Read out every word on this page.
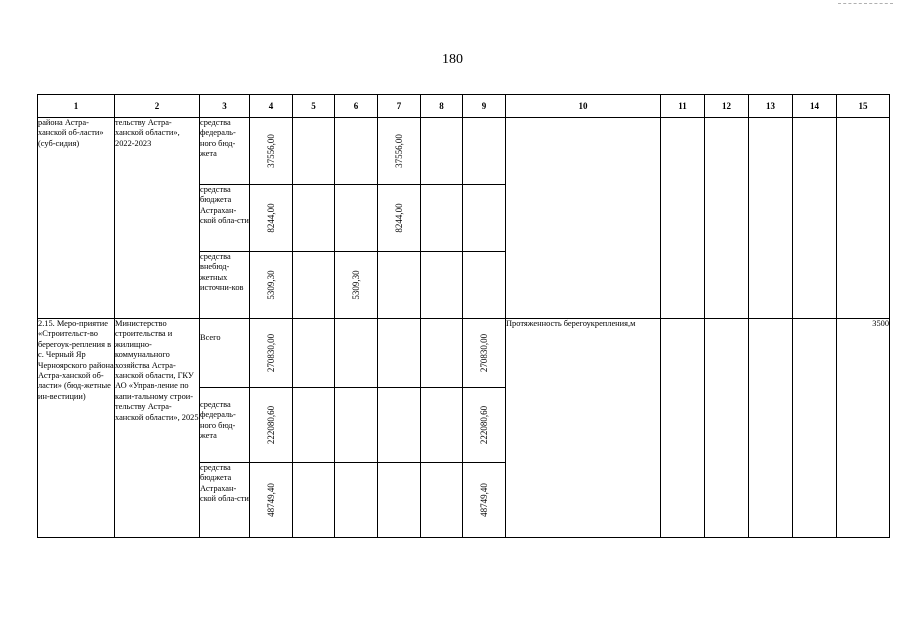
180
1	2	3	4	5	6	7	8	9	10	11	12	13	14	15
района Астра-ханской об-ласти» (суб-сидия)	тельству Астра-ханской области», 2022-2023	средства федераль-ного бюд-жета	37556,00			37556,00								

		средства бюджета Астрахан-ской обла-сти	8244,00			8244,00								

		средства внебюд-жетных источни-ков	5309,30		5309,30									

2.15. Меро-приятие «Строительст-во берегоук-репления в с. Черный Яр Черноярского района Астра-ханской об-ласти» (бюд-жетные ин-вестиции)	Министерство строительства и жилищно-коммунального хозяйства Астра-ханской области, ГКУ АО «Управ-ление по капи-тальному строи-тельству Астра-ханской области», 2025	Всего	270830,00					270830,00	Протяженность берегоукрепления,м					3500
		средства федераль-ного бюд-жета	222080,60					222080,60						

		средства бюджета Астрахан-ской обла-сти	48749,40					48749,40						
